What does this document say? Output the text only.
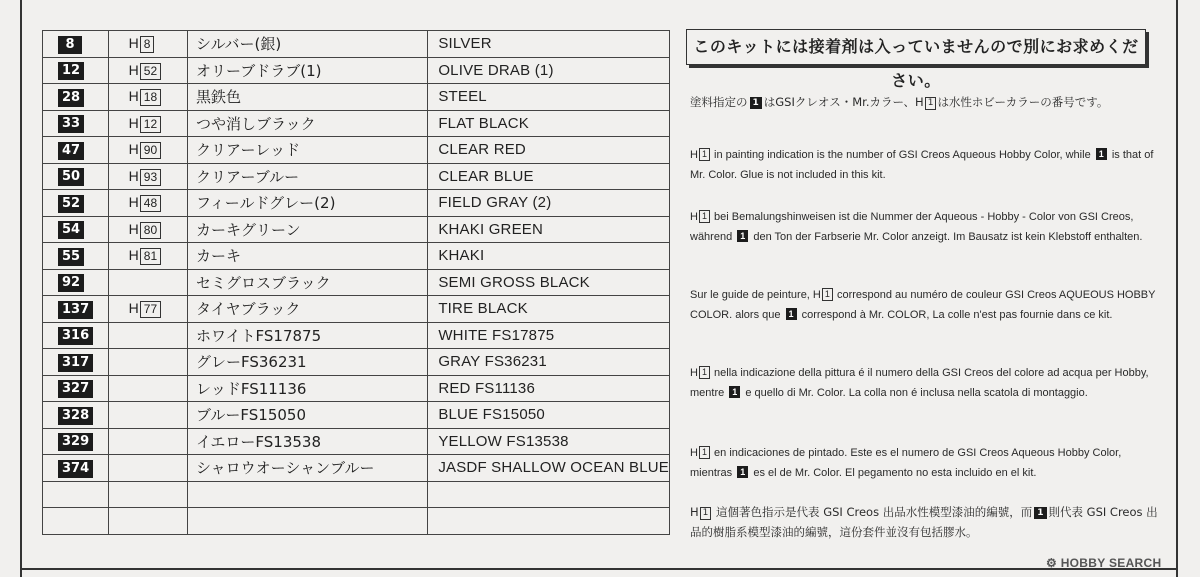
8	H 8	シルバー(銀)	SILVER
12	H 52	オリーブドラブ(1)	OLIVE DRAB (1)
28	H 18	黒鉄色	STEEL
33	H 12	つや消しブラック	FLAT BLACK
47	H 90	クリアーレッド	CLEAR RED
50	H 93	クリアーブルー	CLEAR BLUE
52	H 48	フィールドグレー(2)	FIELD GRAY (2)
54	H 80	カーキグリーン	KHAKI GREEN
55	H 81	カーキ	KHAKI
92		セミグロスブラック	SEMI GROSS BLACK
137	H 77	タイヤブラック	TIRE BLACK
316		ホワイトFS17875	WHITE FS17875
317		グレーFS36231	GRAY FS36231
327		レッドFS11136	RED FS11136
328		ブルーFS15050	BLUE FS15050
329		イエローFS13538	YELLOW FS13538
374		シャロウオーシャンブルー	JASDF SHALLOW OCEAN BLUE

このキットには接着剤は入っていませんので別にお求めください。
塗料指定の 1 はGSIクレオス・Mr.カラー、H 1 は水性ホビーカラーの番号です。
H 1 in painting indication is the number of GSI Creos Aqueous Hobby Color, while 1 is that of Mr. Color. Glue is not included in this kit.
H 1 bei Bemalungshinweisen ist die Nummer der Aqueous - Hobby - Color von GSI Creos, während 1 den Ton der Farbserie Mr. Color anzeigt. Im Bausatz ist kein Klebstoff enthalten.
Sur le guide de peinture, H 1 correspond au numéro de couleur GSI Creos AQUEOUS HOBBY COLOR. alors que 1 correspond à Mr. COLOR, La colle n'est pas fournie dans ce kit.
H 1 nella indicazione della pittura é il numero della GSI Creos del colore ad acqua per Hobby, mentre 1 e quello di Mr. Color. La colla non é inclusa nella scatola di montaggio.
H 1 en indicaciones de pintado. Este es el numero de GSI Creos Aqueous Hobby Color, mientras 1 es el de Mr. Color. El pegamento no esta incluido en el kit.
H 1 這個著色指示是代表 GSI Creos 出品水性模型漆油的編號，而 1 則代表 GSI Creos 出品的樹脂系模型漆油的編號，這份套件並沒有包括膠水。
⚙ HOBBY SEARCH
